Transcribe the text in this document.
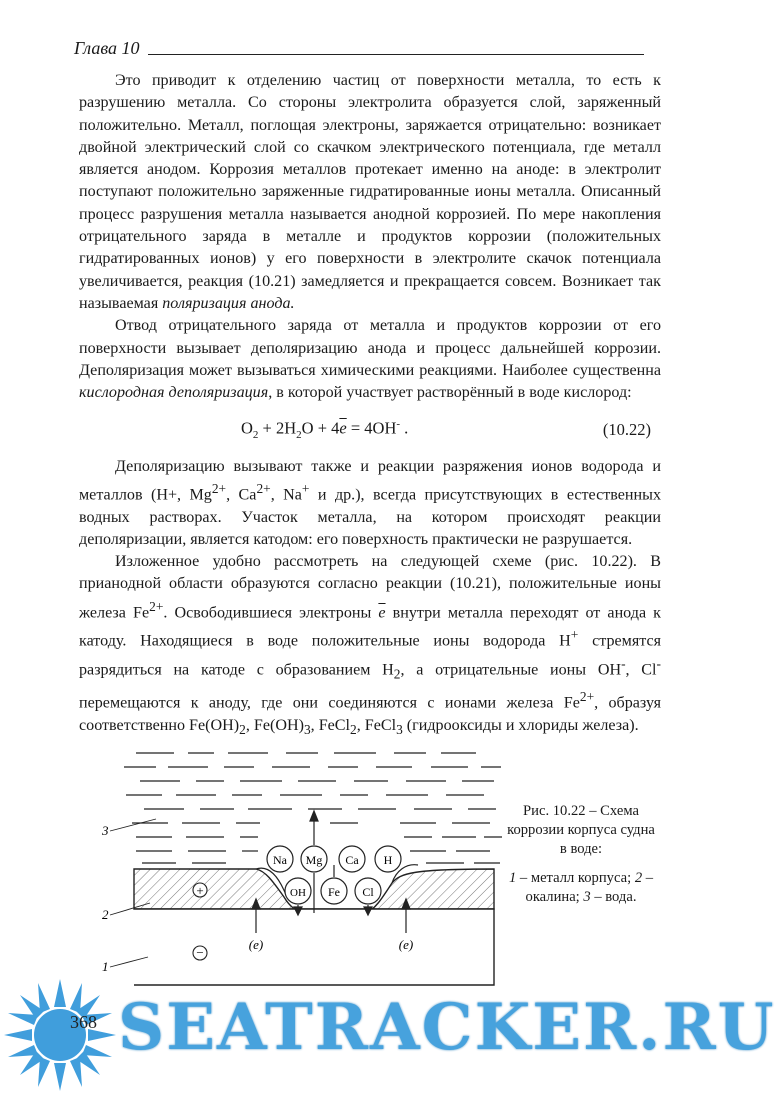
Глава 10

Это приводит к отделению частиц от поверхности металла, то есть к разрушению металла. Со стороны электролита образуется слой, заряженный положительно. Металл, поглощая электроны, заряжается отрицательно: возникает двойной электрический слой со скачком электрического потенциала, где металл является анодом. Коррозия металлов протекает именно на аноде: в электролит поступают положительно заряженные гидратированные ионы металла. Описанный процесс разрушения металла называется анодной коррозией. По мере накопления отрицательного заряда в металле и продуктов коррозии (положительных гидратированных ионов) у его поверхности в электролите скачок потенциала увеличивается, реакция (10.21) замедляется и прекращается совсем. Возникает так называемая поляризация анода.

Отвод отрицательного заряда от металла и продуктов коррозии от его поверхности вызывает деполяризацию анода и процесс дальнейшей коррозии. Деполяризация может вызываться химическими реакциями. Наиболее существенна кислородная деполяризация, в которой участвует растворённый в воде кислород:

$O_2 + 2H_2O + 4\overline{e} = 4OH^-$ .	(10.22)

Деполяризацию вызывают также и реакции разряжения ионов водорода и металлов (H+, $Mg^{2+}$, $Ca^{2+}$, Na+ и др.), всегда присутствующих в естественных водных растворах. Участок металла, на котором происходят реакции деполяризации, является катодом: его поверхность практически не разрушается.

Изложенное удобно рассмотреть на следующей схеме (рис. 10.22). В прианодной области образуются согласно реакции (10.21), положительные ионы железа $Fe^{2+}$. Освободившиеся электроны $\overline{e}$ внутри металла переходят от анода к катоду. Находящиеся в воде положительные ионы водорода H+ стремятся разрядиться на катоде с образованием $H_2$, а отрицательные ионы OH-, Cl- перемещаются к аноду, где они соединяются с ионами железа $Fe^{2+}$, образуя соответственно $Fe(OH)_2$, $Fe(OH)_3$, FeCl$_2$, FeCl$_3$ (гидрооксиды и хлориды железа).

Na Mg Ca H
OH Fe Cl
+
−
(e)	(e)
3
2
1
Рис. 10.22 – Схема коррозии корпуса судна в воде:
1 – металл корпуса; 2 – окалина; 3 – вода.
368 SEATRACKER.RU
